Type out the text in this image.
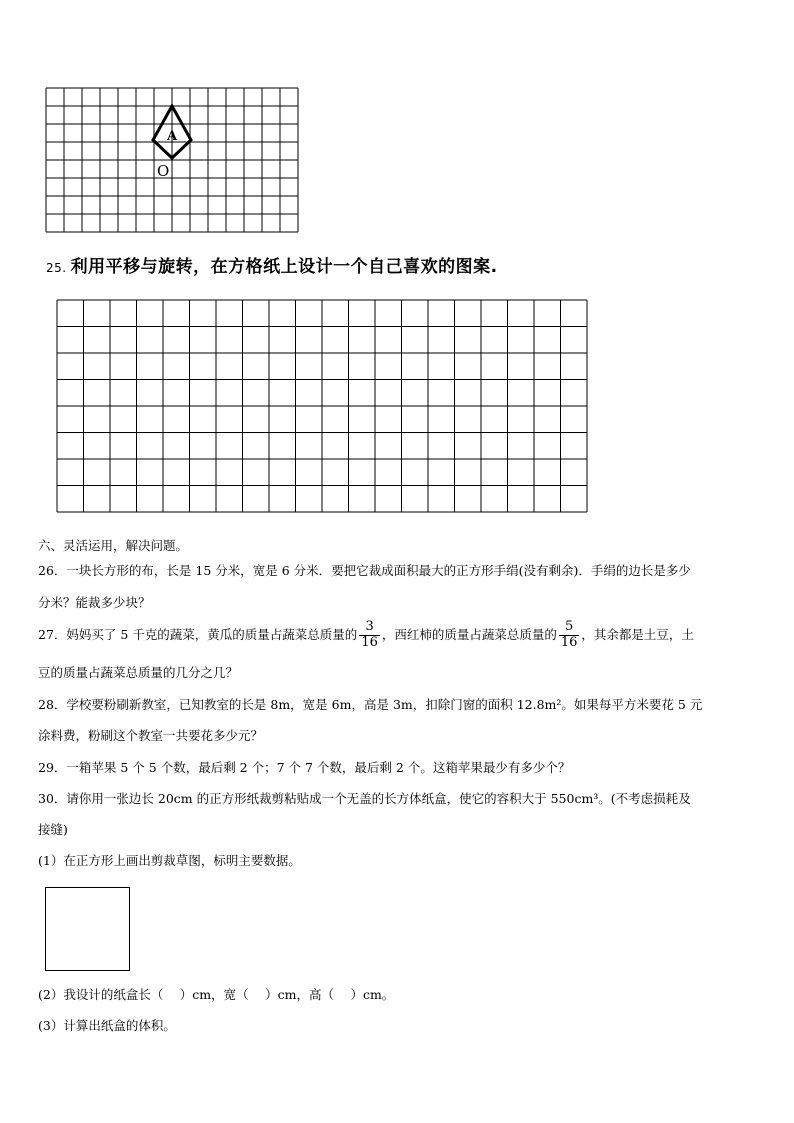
A
O
25. 利用平移与旋转，在方格纸上设计一个自己喜欢的图案.
六、灵活运用，解决问题。
26．一块长方形的布，长是 15 分米，宽是 6 分米．要把它裁成面积最大的正方形手绢(没有剩余)．手绢的边长是多少
分米？能裁多少块？
27．妈妈买了 5 千克的蔬菜，黄瓜的质量占蔬菜总质量的 $\frac{3}{16}$ ，西红柿的质量占蔬菜总质量的 $\frac{5}{16}$ ，其余都是土豆，土
豆的质量占蔬菜总质量的几分之几？
28．学校要粉刷新教室，已知教室的长是 8m，宽是 6m，高是 3m，扣除门窗的面积 12.8m²。如果每平方米要花 5 元
涂料费，粉刷这个教室一共要花多少元？
29．一箱苹果 5 个 5 个数，最后剩 2 个；7 个 7 个数，最后剩 2 个。这箱苹果最少有多少个？
30．请你用一张边长 20cm 的正方形纸裁剪粘贴成一个无盖的长方体纸盒，使它的容积大于 550cm³。(不考虑损耗及
接缝)
(1）在正方形上画出剪裁草图，标明主要数据。
(2）我设计的纸盒长（　 ）cm，宽（　 ）cm，高（　 ）cm。
(3）计算出纸盒的体积。
